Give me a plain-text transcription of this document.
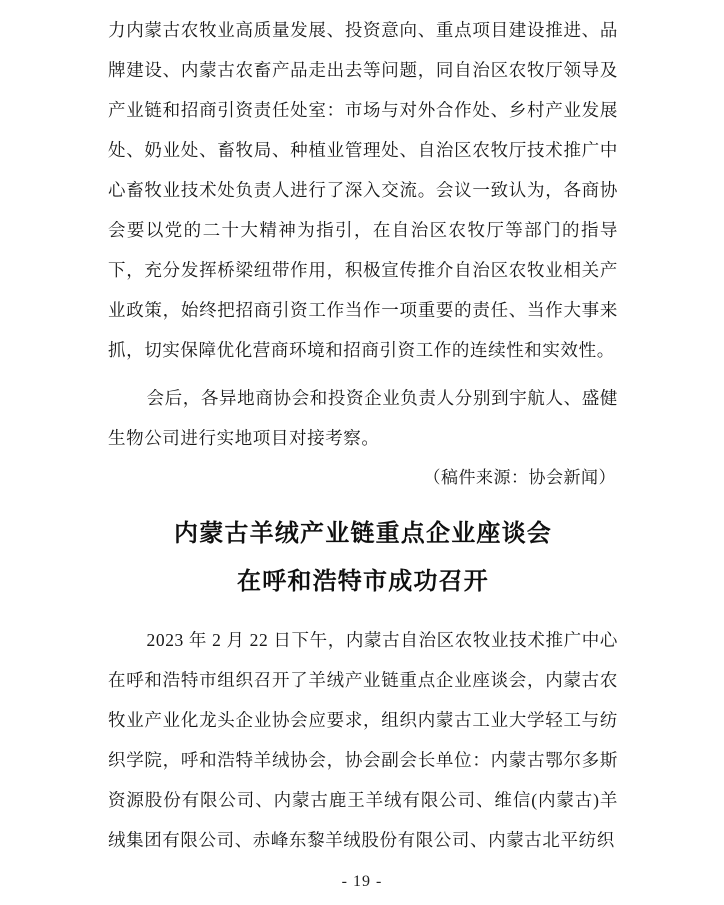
力内蒙古农牧业高质量发展、投资意向、重点项目建设推进、品牌建设、内蒙古农畜产品走出去等问题，同自治区农牧厅领导及产业链和招商引资责任处室：市场与对外合作处、乡村产业发展处、奶业处、畜牧局、种植业管理处、自治区农牧厅技术推广中心畜牧业技术处负责人进行了深入交流。会议一致认为，各商协会要以党的二十大精神为指引，在自治区农牧厅等部门的指导下，充分发挥桥梁纽带作用，积极宣传推介自治区农牧业相关产业政策，始终把招商引资工作当作一项重要的责任、当作大事来抓，切实保障优化营商环境和招商引资工作的连续性和实效性。

会后，各异地商协会和投资企业负责人分别到宇航人、盛健生物公司进行实地项目对接考察。

（稿件来源：协会新闻）

内蒙古羊绒产业链重点企业座谈会
在呼和浩特市成功召开

2023 年 2 月 22 日下午，内蒙古自治区农牧业技术推广中心在呼和浩特市组织召开了羊绒产业链重点企业座谈会，内蒙古农牧业产业化龙头企业协会应要求，组织内蒙古工业大学轻工与纺织学院，呼和浩特羊绒协会，协会副会长单位：内蒙古鄂尔多斯资源股份有限公司、内蒙古鹿王羊绒有限公司、维信(内蒙古)羊绒集团有限公司、赤峰东黎羊绒股份有限公司、内蒙古北平纺织

- 19 -
